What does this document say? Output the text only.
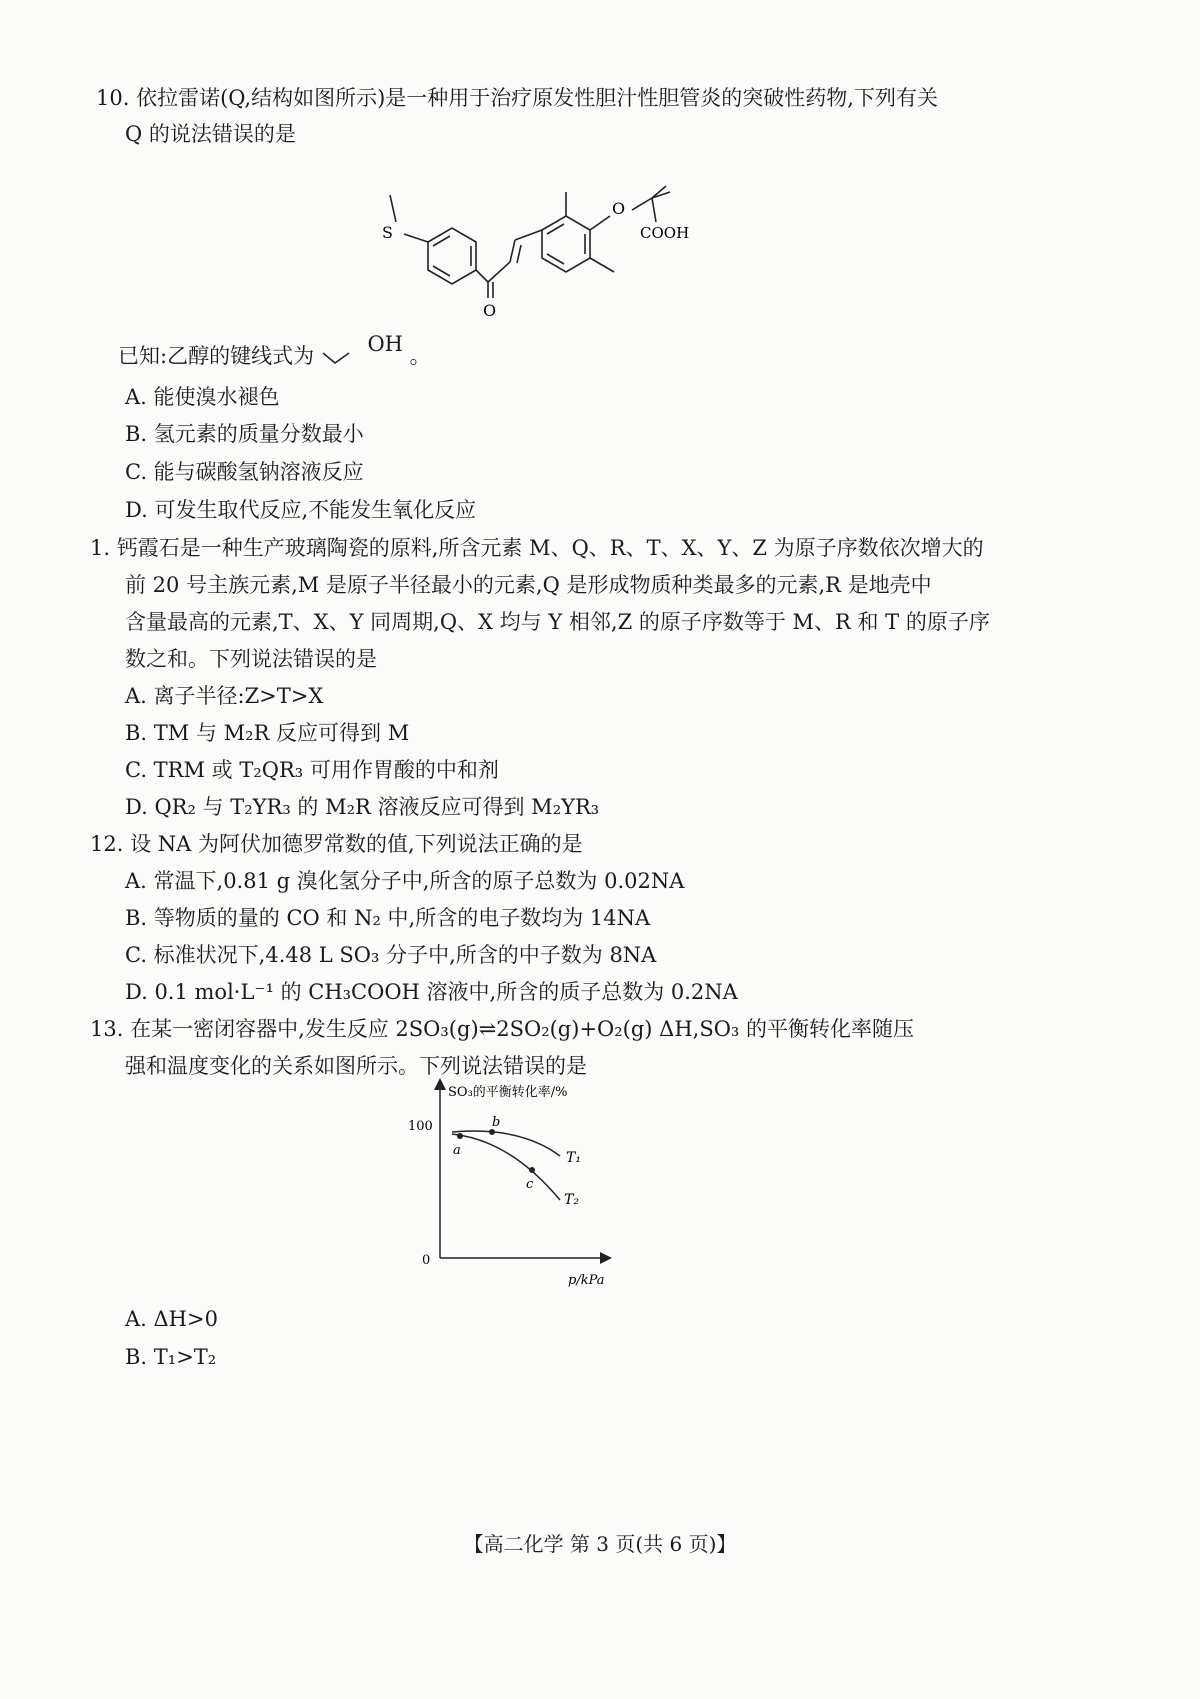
10. 依拉雷诺(Q,结构如图所示)是一种用于治疗原发性胆汁性胆管炎的突破性药物,下列有关
Q 的说法错误的是
S
O
COOH
O
已知:乙醇的键线式为	OH 。
A. 能使溴水褪色
B. 氢元素的质量分数最小
C. 能与碳酸氢钠溶液反应
D. 可发生取代反应,不能发生氧化反应
1. 钙霞石是一种生产玻璃陶瓷的原料,所含元素 M、Q、R、T、X、Y、Z 为原子序数依次增大的
前 20 号主族元素,M 是原子半径最小的元素,Q 是形成物质种类最多的元素,R 是地壳中
含量最高的元素,T、X、Y 同周期,Q、X 均与 Y 相邻,Z 的原子序数等于 M、R 和 T 的原子序
数之和。下列说法错误的是
A. 离子半径:Z>T>X
B. TM 与 M₂R 反应可得到 M
C. TRM 或 T₂QR₃ 可用作胃酸的中和剂
D. QR₂ 与 T₂YR₃ 的 M₂R 溶液反应可得到 M₂YR₃
12. 设 NA 为阿伏加德罗常数的值,下列说法正确的是
A. 常温下,0.81 g 溴化氢分子中,所含的原子总数为 0.02NA
B. 等物质的量的 CO 和 N₂ 中,所含的电子数均为 14NA
C. 标准状况下,4.48 L SO₃ 分子中,所含的中子数为 8NA
D. 0.1 mol·L⁻¹ 的 CH₃COOH 溶液中,所含的质子总数为 0.2NA
13. 在某一密闭容器中,发生反应 2SO₃(g)⇌2SO₂(g)+O₂(g) ΔH,SO₃ 的平衡转化率随压
强和温度变化的关系如图所示。下列说法错误的是
SO₃的平衡转化率/%
100
0
p/kPa
a
b
c
T₁
T₂
A. ΔH>0
B. T₁>T₂
【高二化学 第 3 页(共 6 页)】
